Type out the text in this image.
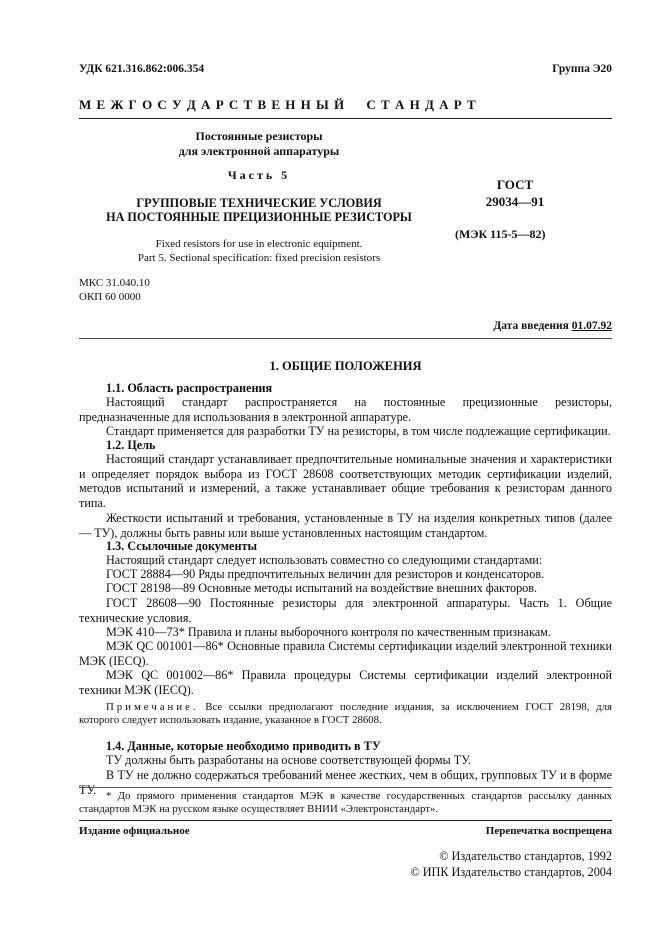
УДК 621.316.862:006.354	Группа Э20
М Е Ж Г О С У Д А Р С Т В Е Н Н Ы Й     С Т А Н Д А Р Т
Постоянные резисторы
для электронной аппаратуры
Часть 5
ГРУППОВЫЕ ТЕХНИЧЕСКИЕ УСЛОВИЯ
НА ПОСТОЯННЫЕ ПРЕЦИЗИОННЫЕ РЕЗИСТОРЫ
Fixed resistors for use in electronic equipment.
Part 5. Sectional specification: fixed precision resistors
ГОСТ
29034—91
(МЭК 115-5—82)
МКС 31.040.10
ОКП 60 0000
Дата введения 01.07.92
1. ОБЩИЕ ПОЛОЖЕНИЯ
1.1. Область распространения
Настоящий стандарт распространяется на постоянные прецизионные резисторы, предназначенные для использования в электронной аппаратуре.
Стандарт применяется для разработки ТУ на резисторы, в том числе подлежащие сертификации.
1.2. Цель
Настоящий стандарт устанавливает предпочтительные номинальные значения и характеристики и определяет порядок выбора из ГОСТ 28608 соответствующих методик сертификации изделий, методов испытаний и измерений, а также устанавливает общие требования к резисторам данного типа.
Жесткости испытаний и требования, установленные в ТУ на изделия конкретных типов (далее — ТУ), должны быть равны или выше установленных настоящим стандартом.
1.3. Ссылочные документы
Настоящий стандарт следует использовать совместно со следующими стандартами:
ГОСТ 28884—90 Ряды предпочтительных величин для резисторов и конденсаторов.
ГОСТ 28198—89 Основные методы испытаний на воздействие внешних факторов.
ГОСТ 28608—90 Постоянные резисторы для электронной аппаратуры. Часть 1. Общие технические условия.
МЭК 410—73* Правила и планы выборочного контроля по качественным признакам.
МЭК QC 001001—86* Основные правила Системы сертификации изделий электронной техники МЭК (IECQ).
МЭК QC 001002—86* Правила процедуры Системы сертификации изделий электронной техники МЭК (IECQ).
Примечание. Все ссылки предполагают последние издания, за исключением ГОСТ 28198, для которого следует использовать издание, указанное в ГОСТ 28608.
1.4. Данные, которые необходимо приводить в ТУ
ТУ должны быть разработаны на основе соответствующей формы ТУ.
В ТУ не должно содержаться требований менее жестких, чем в общих, групповых ТУ и в форме ТУ. * До прямого применения стандартов МЭК в качестве государственных стандартов рассылку данных стандартов МЭК на русском языке осуществляет ВНИИ «Электронстандарт».
Издание официальное	Перепечатка воспрещена
© Издательство стандартов, 1992
© ИПК Издательство стандартов, 2004
